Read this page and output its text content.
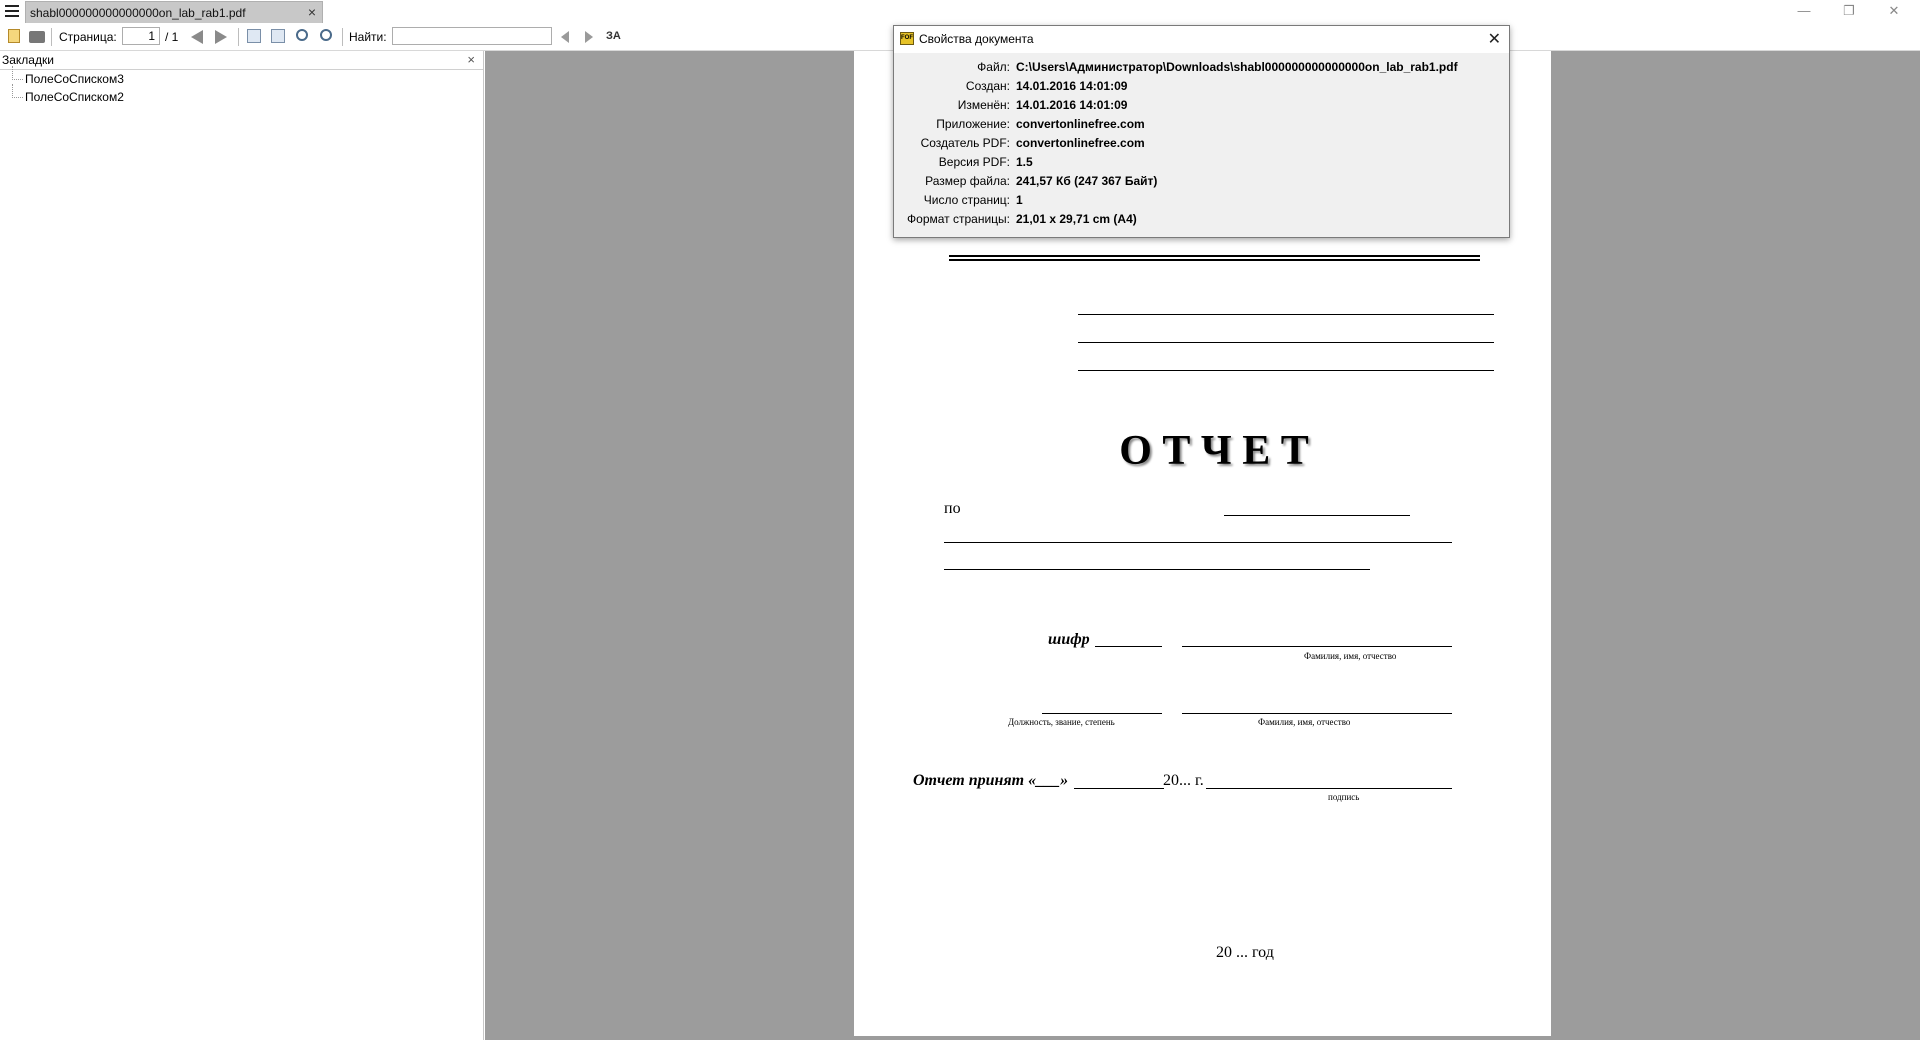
shabl000000000000000on_lab_rab1.pdf	×	—	❐	✕
Страница:
1	/ 1	Найти:	ЗA
Закладки	×
ПолеСоСписком3
ПолеСоСписком2
О Т Ч Е Т
по
шифр
Фамилия, имя, отчество
Должность, звание, степень	Фамилия, имя, отчество
Отчет принят «___»	20... г.
подпись
20 ... год
FOF Свойства документа	✕
Файл: C:\Users\Администратор\Downloads\shabl000000000000000on_lab_rab1.pdf
Создан: 14.01.2016 14:01:09
Изменён: 14.01.2016 14:01:09
Приложение: convertonlinefree.com
Создатель PDF: convertonlinefree.com
Версия PDF: 1.5
Размер файла: 241,57 Кб (247 367 Байт)
Число страниц: 1
Формат страницы: 21,01 x 29,71 cm (A4)
